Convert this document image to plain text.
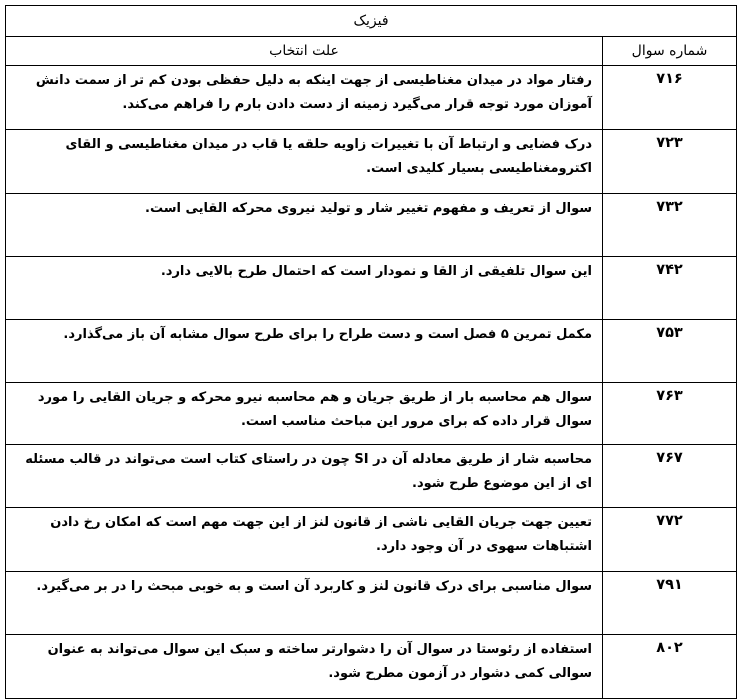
فیزیک	
شماره سوال	علت انتخاب
۷۱۶	رفتار مواد در میدان مغناطیسی از جهت اینکه به دلیل حفظی بودن کم تر از سمت دانش آموزان مورد توجه قرار می‌گیرد زمینه از دست دادن بارم را فراهم می‌کند.
۷۲۳	درک فضایی و ارتباط آن با تغییرات زاویه حلقه یا قاب در میدان مغناطیسی و القای اکترومغناطیسی بسیار کلیدی است.
۷۳۲	سوال از تعریف و مفهوم تغییر شار و تولید نیروی محرکه القایی است.
۷۴۲	این سوال تلفیقی از القا و نمودار است که احتمال طرح بالایی دارد.
۷۵۳	مکمل تمرین ۵ فصل است و دست طراح را برای طرح سوال مشابه آن باز می‌گذارد.
۷۶۳	سوال هم محاسبه بار از طریق جریان و هم محاسبه نیرو محرکه و جریان القایی را مورد سوال قرار داده که برای مرور این مباحث مناسب است.
۷۶۷	محاسبه شار از طریق معادله آن در SI چون در راستای کتاب است می‌تواند در قالب مسئله ای از این موضوع طرح شود.
۷۷۲	تعیین جهت جریان القایی ناشی از قانون لنز از این جهت مهم است که امکان رخ دادن اشتباهات سهوی در آن وجود دارد.
۷۹۱	سوال مناسبی برای درک قانون لنز و کاربرد آن است و به خوبی مبحث را در بر می‌گیرد.
۸۰۲	استفاده از رئوستا در سوال آن را دشوارتر ساخته و سبک این سوال می‌تواند به عنوان سوالی کمی دشوار در آزمون مطرح شود.
